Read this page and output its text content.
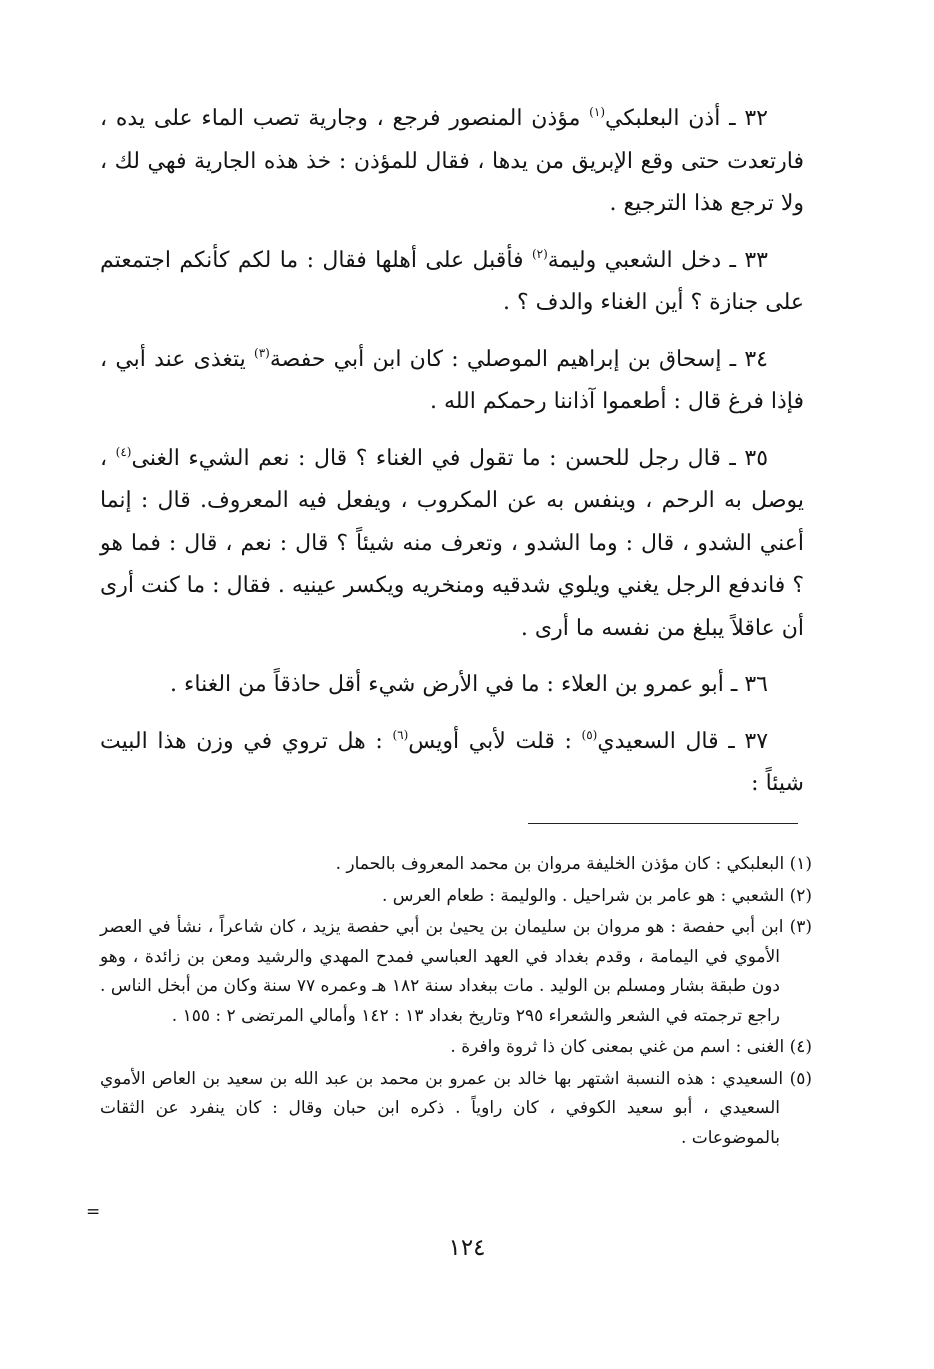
٣٢ ـ أذن البعلبكي$^{(١)}$ مؤذن المنصور فرجع ، وجارية تصب الماء على يده ، فارتعدت حتى وقع الإبريق من يدها ، فقال للمؤذن : خذ هذه الجارية فهي لك ، ولا ترجع هذا الترجيع .

٣٣ ـ دخل الشعبي وليمة$^{(٢)}$ فأقبل على أهلها فقال : ما لكم كأنكم اجتمعتم على جنازة ؟ أين الغناء والدف ؟ .

٣٤ ـ إسحاق بن إبراهيم الموصلي : كان ابن أبي حفصة$^{(٣)}$ يتغذى عند أبي ، فإذا فرغ قال : أطعموا آذاننا رحمكم الله .

٣٥ ـ قال رجل للحسن : ما تقول في الغناء ؟ قال : نعم الشيء الغنى$^{(٤)}$ ، يوصل به الرحم ، وينفس به عن المكروب ، ويفعل فيه المعروف. قال : إنما أعني الشدو ، قال : وما الشدو ، وتعرف منه شيئاً ؟ قال : نعم ، قال : فما هو ؟ فاندفع الرجل يغني ويلوي شدقيه ومنخريه ويكسر عينيه . فقال : ما كنت أرى أن عاقلاً يبلغ من نفسه ما أرى .

٣٦ ـ أبو عمرو بن العلاء : ما في الأرض شيء أقل حاذقاً من الغناء .

٣٧ ـ قال السعيدي$^{(٥)}$ : قلت لأبي أويس$^{(٦)}$ : هل تروي في وزن هذا البيت شيئاً :

(١) البعلبكي : كان مؤذن الخليفة مروان بن محمد المعروف بالحمار .

(٢) الشعبي : هو عامر بن شراحيل . والوليمة : طعام العرس .

(٣) ابن أبي حفصة : هو مروان بن سليمان بن يحيىٰ بن أبي حفصة يزيد ، كان شاعراً ، نشأ في العصر الأموي في اليمامة ، وقدم بغداد في العهد العباسي فمدح المهدي والرشيد ومعن بن زائدة ، وهو دون طبقة بشار ومسلم بن الوليد . مات ببغداد سنة ١٨٢ هـ وعمره ٧٧ سنة وكان من أبخل الناس . راجع ترجمته في الشعر والشعراء ٢٩٥ وتاريخ بغداد ١٣ : ١٤٢ وأمالي المرتضى ٢ : ١٥٥ .

(٤) الغنى : اسم من غني بمعنى كان ذا ثروة وافرة .

(٥) السعيدي : هذه النسبة اشتهر بها خالد بن عمرو بن محمد بن عبد الله بن سعيد بن العاص الأموي السعيدي ، أبو سعيد الكوفي ، كان راوياً . ذكره ابن حبان وقال : كان ينفرد عن الثقات بالموضوعات .

=
١٢٤
